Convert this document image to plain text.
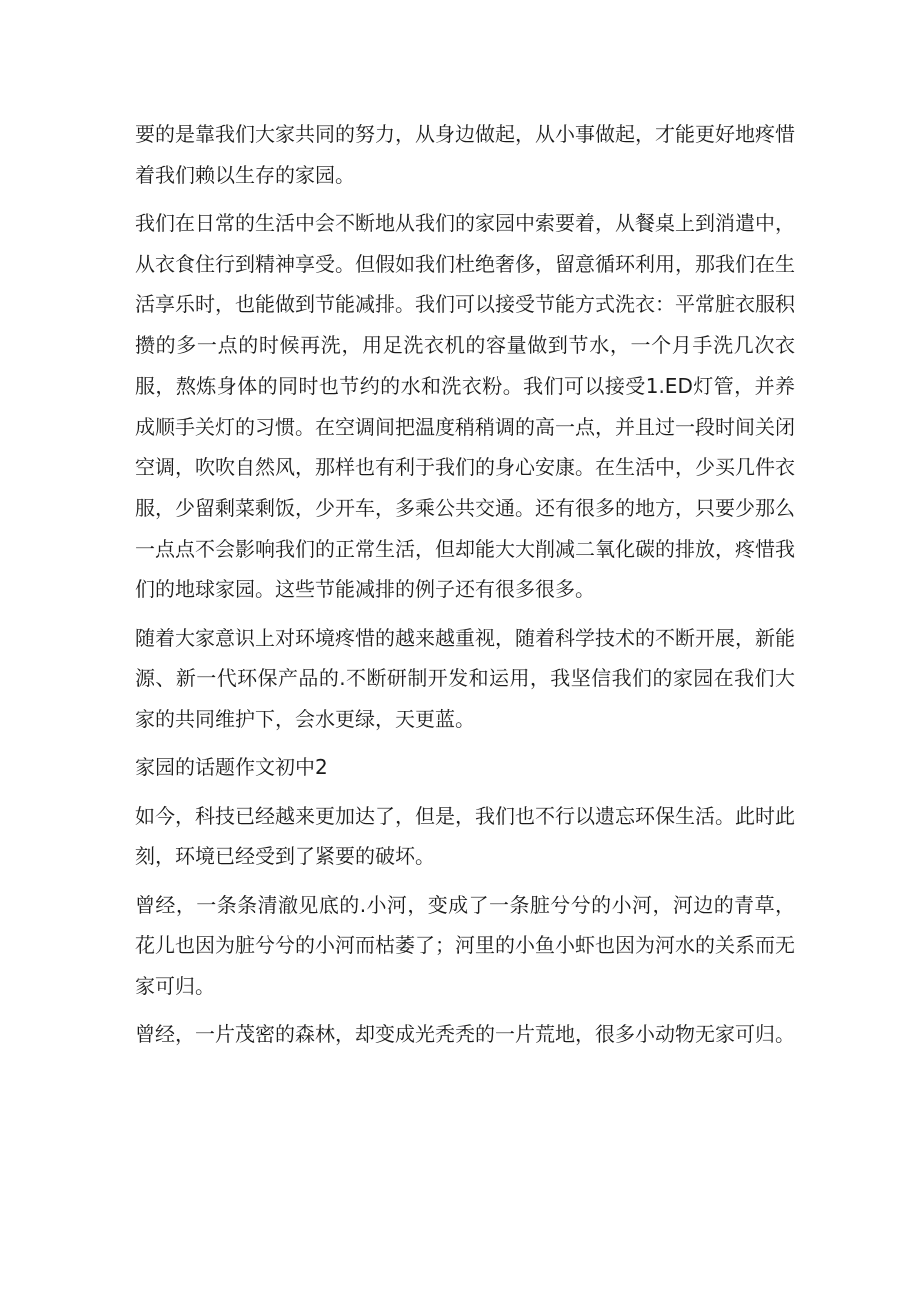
要的是靠我们大家共同的努力，从身边做起，从小事做起，才能更好地疼惜着我们赖以生存的家园。

我们在日常的生活中会不断地从我们的家园中索要着，从餐桌上到消遣中，从衣食住行到精神享受。但假如我们杜绝奢侈，留意循环利用，那我们在生活享乐时，也能做到节能减排。我们可以接受节能方式洗衣：平常脏衣服积攒的多一点的时候再洗，用足洗衣机的容量做到节水，一个月手洗几次衣服，熬炼身体的同时也节约的水和洗衣粉。我们可以接受1.ED灯管，并养成顺手关灯的习惯。在空调间把温度稍稍调的高一点，并且过一段时间关闭空调，吹吹自然风，那样也有利于我们的身心安康。在生活中，少买几件衣服，少留剩菜剩饭，少开车，多乘公共交通。还有很多的地方，只要少那么一点点不会影响我们的正常生活，但却能大大削减二氧化碳的排放，疼惜我们的地球家园。这些节能减排的例子还有很多很多。

随着大家意识上对环境疼惜的越来越重视，随着科学技术的不断开展，新能源、新一代环保产品的.不断研制开发和运用，我坚信我们的家园在我们大家的共同维护下，会水更绿，天更蓝。

家园的话题作文初中2

如今，科技已经越来更加达了，但是，我们也不行以遗忘环保生活。此时此刻，环境已经受到了紧要的破坏。

曾经，一条条清澈见底的.小河，变成了一条脏兮兮的小河，河边的青草，花儿也因为脏兮兮的小河而枯萎了；河里的小鱼小虾也因为河水的关系而无家可归。

曾经，一片茂密的森林，却变成光秃秃的一片荒地，很多小动物无家可归。
